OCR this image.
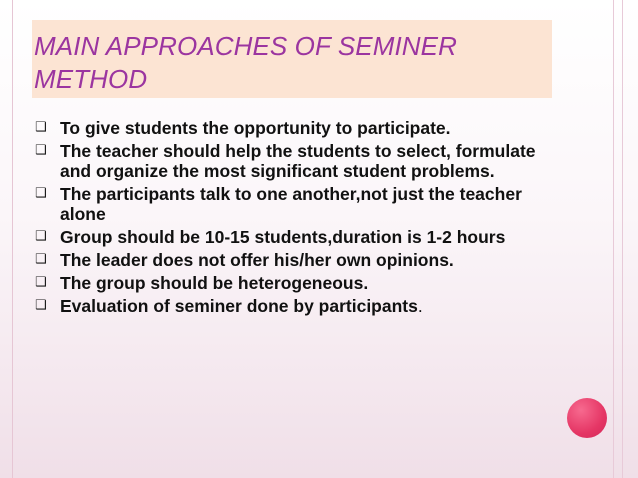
MAIN APPROACHES OF SEMINER
METHOD
❑ To give students the opportunity to participate.
❑ The teacher should help the students to select, formulate and organize the most significant student problems.
❑ The participants talk to one another,not just the teacher alone
❑ Group should be 10-15 students,duration is 1-2 hours
❑ The leader does not offer his/her own opinions.
❑ The group should be heterogeneous.
❑ Evaluation of seminer done by participants.
